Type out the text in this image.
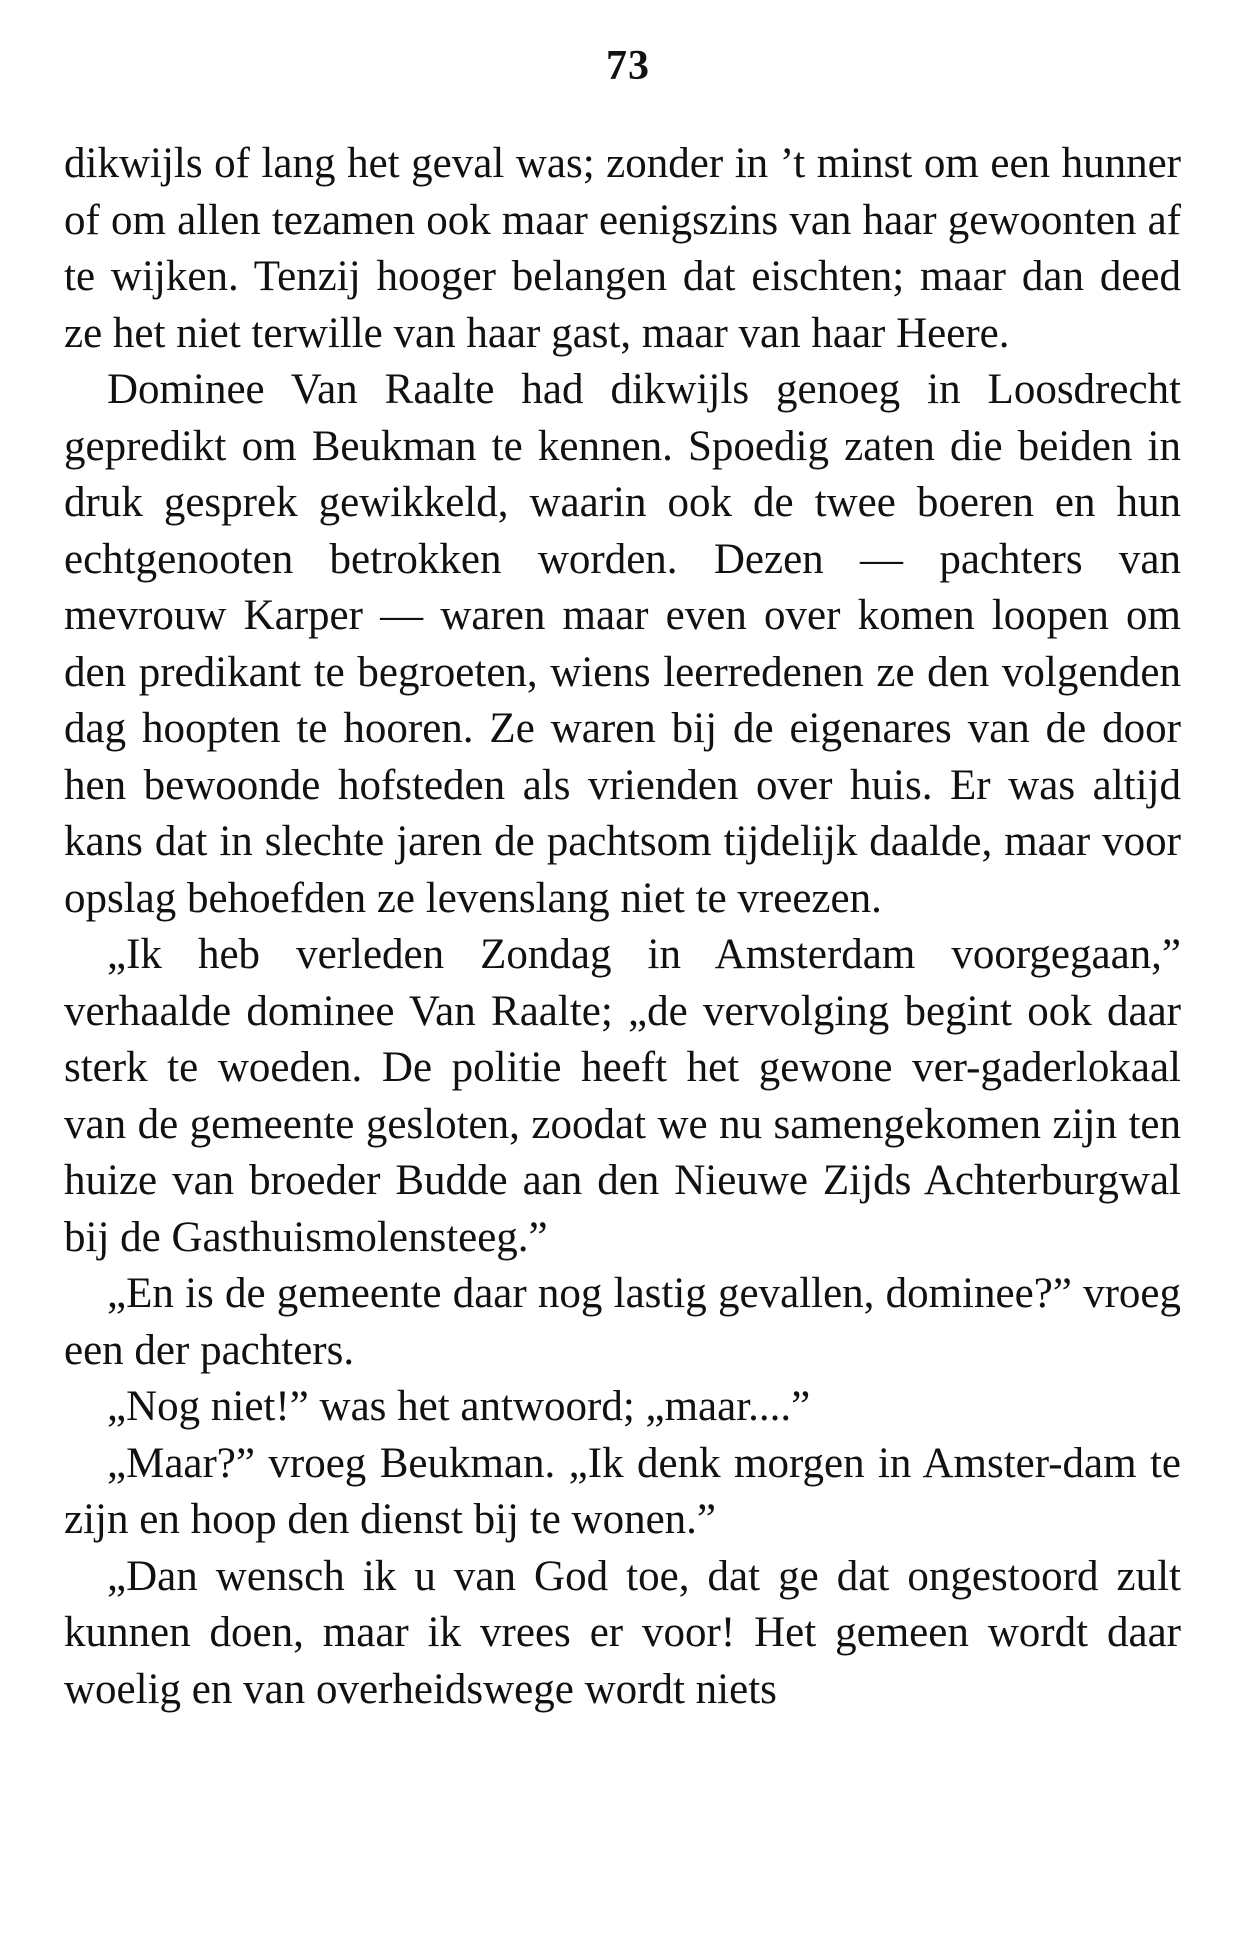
73

dikwijls of lang het geval was; zonder in ’t minst om een hunner of om allen tezamen ook maar eenigszins van haar gewoonten af te wijken. Tenzij hooger belangen dat eischten; maar dan deed ze het niet terwille van haar gast, maar van haar Heere.

Dominee Van Raalte had dikwijls genoeg in Loosdrecht gepredikt om Beukman te kennen. Spoedig zaten die beiden in druk gesprek gewikkeld, waarin ook de twee boeren en hun echtgenooten betrokken worden. Dezen — pachters van mevrouw Karper — waren maar even over komen loopen om den predikant te begroeten, wiens leerredenen ze den volgenden dag hoopten te hooren. Ze waren bij de eigenares van de door hen bewoonde hofsteden als vrienden over huis. Er was altijd kans dat in slechte jaren de pachtsom tijdelijk daalde, maar voor opslag behoefden ze levenslang niet te vreezen.

„Ik heb verleden Zondag in Amsterdam voorgegaan,” verhaalde dominee Van Raalte; „de vervolging begint ook daar sterk te woeden. De politie heeft het gewone ver-gaderlokaal van de gemeente gesloten, zoodat we nu samengekomen zijn ten huize van broeder Budde aan den Nieuwe Zijds Achterburgwal bij de Gasthuismolensteeg.”

„En is de gemeente daar nog lastig gevallen, dominee?” vroeg een der pachters.

„Nog niet!” was het antwoord; „maar....”

„Maar?” vroeg Beukman. „Ik denk morgen in Amster-dam te zijn en hoop den dienst bij te wonen.”

„Dan wensch ik u van God toe, dat ge dat ongestoord zult kunnen doen, maar ik vrees er voor! Het gemeen wordt daar woelig en van overheidswege wordt niets
